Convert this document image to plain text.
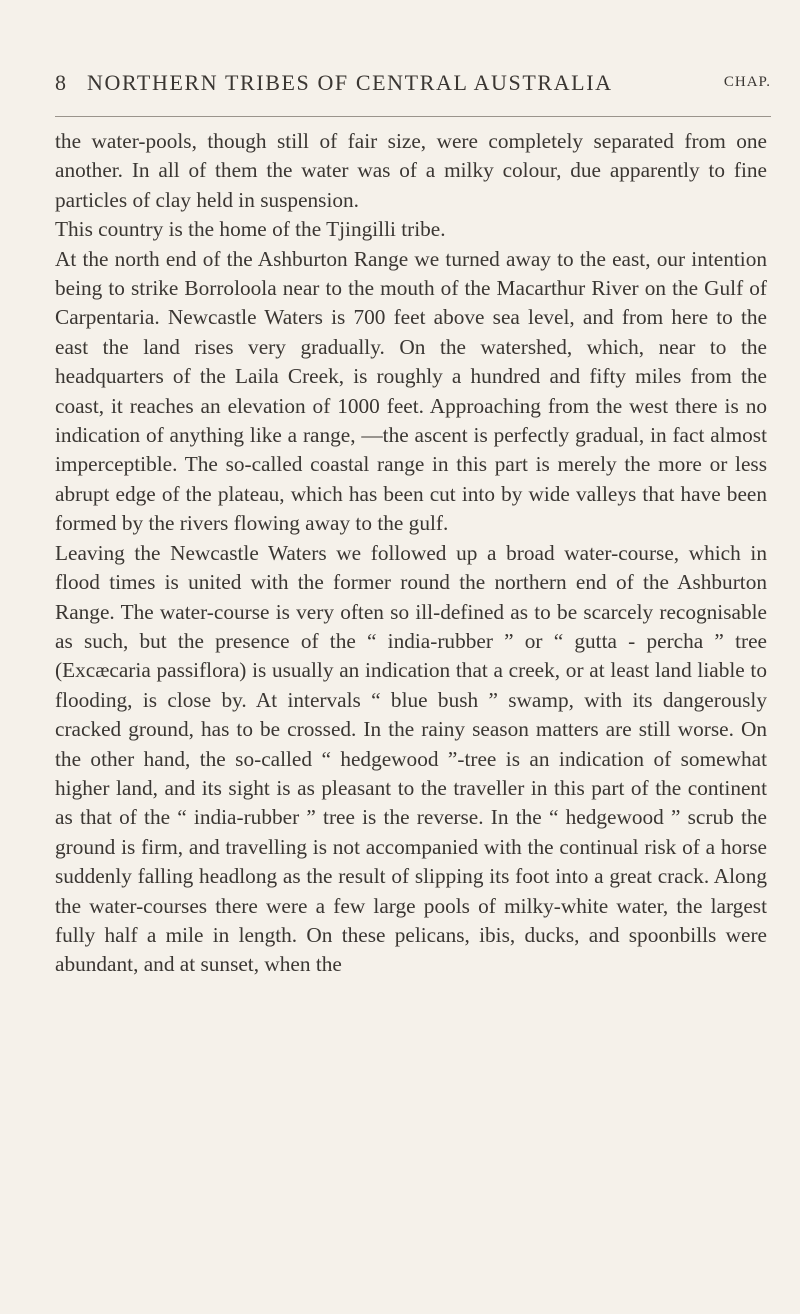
8 NORTHERN TRIBES OF CENTRAL AUSTRALIA	CHAP.

the water-pools, though still of fair size, were completely separated from one another. In all of them the water was of a milky colour, due apparently to fine particles of clay held in suspension.

This country is the home of the Tjingilli tribe.

At the north end of the Ashburton Range we turned away to the east, our intention being to strike Borroloola near to the mouth of the Macarthur River on the Gulf of Carpentaria. Newcastle Waters is 700 feet above sea level, and from here to the east the land rises very gradually. On the watershed, which, near to the headquarters of the Laila Creek, is roughly a hundred and fifty miles from the coast, it reaches an elevation of 1000 feet. Approaching from the west there is no indication of anything like a range, —the ascent is perfectly gradual, in fact almost imperceptible. The so-called coastal range in this part is merely the more or less abrupt edge of the plateau, which has been cut into by wide valleys that have been formed by the rivers flowing away to the gulf.

Leaving the Newcastle Waters we followed up a broad water-course, which in flood times is united with the former round the northern end of the Ashburton Range. The water-course is very often so ill-defined as to be scarcely recognisable as such, but the presence of the “ india-rubber ” or “ gutta - percha ” tree (Excæcaria passiflora) is usually an indication that a creek, or at least land liable to flooding, is close by. At intervals “ blue bush ” swamp, with its dangerously cracked ground, has to be crossed. In the rainy season matters are still worse. On the other hand, the so-called “ hedgewood ”-tree is an indication of somewhat higher land, and its sight is as pleasant to the traveller in this part of the continent as that of the “ india-rubber ” tree is the reverse. In the “ hedgewood ” scrub the ground is firm, and travelling is not accompanied with the continual risk of a horse suddenly falling headlong as the result of slipping its foot into a great crack. Along the water-courses there were a few large pools of milky-white water, the largest fully half a mile in length. On these pelicans, ibis, ducks, and spoonbills were abundant, and at sunset, when the
